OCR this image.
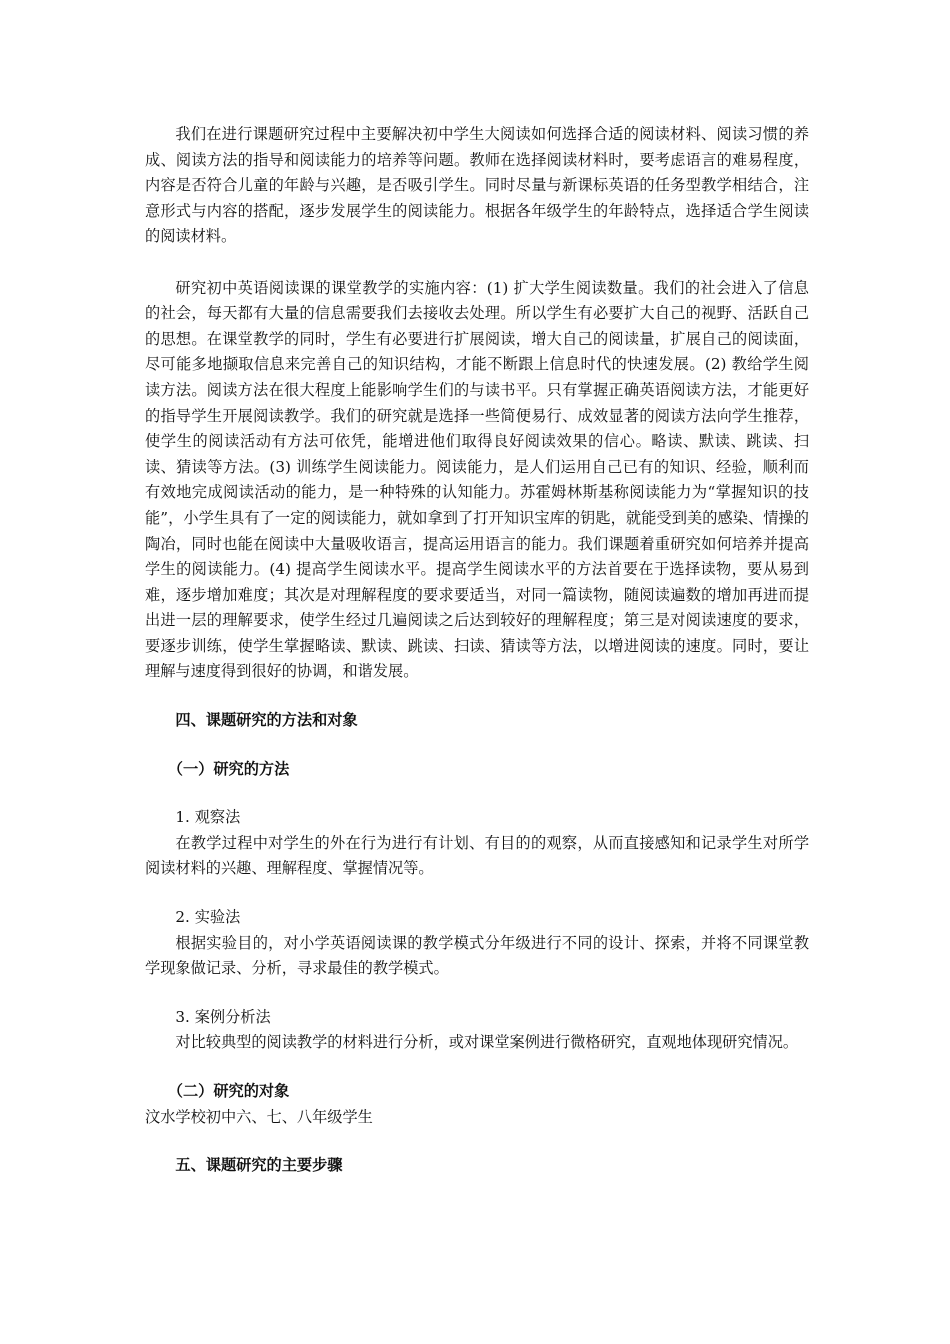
我们在进行课题研究过程中主要解决初中学生大阅读如何选择合适的阅读材料、阅读习惯的养成、阅读方法的指导和阅读能力的培养等问题。教师在选择阅读材料时，要考虑语言的难易程度，内容是否符合儿童的年龄与兴趣，是否吸引学生。同时尽量与新课标英语的任务型教学相结合，注意形式与内容的搭配，逐步发展学生的阅读能力。根据各年级学生的年龄特点，选择适合学生阅读的阅读材料。

研究初中英语阅读课的课堂教学的实施内容：(1) 扩大学生阅读数量。我们的社会进入了信息的社会，每天都有大量的信息需要我们去接收去处理。所以学生有必要扩大自己的视野、活跃自己的思想。在课堂教学的同时，学生有必要进行扩展阅读，增大自己的阅读量，扩展自己的阅读面，尽可能多地撷取信息来完善自己的知识结构，才能不断跟上信息时代的快速发展。(2) 教给学生阅读方法。阅读方法在很大程度上能影响学生们的与读书平。只有掌握正确英语阅读方法，才能更好的指导学生开展阅读教学。我们的研究就是选择一些简便易行、成效显著的阅读方法向学生推荐，使学生的阅读活动有方法可依凭，能增进他们取得良好阅读效果的信心。略读、默读、跳读、扫读、猜读等方法。(3) 训练学生阅读能力。阅读能力，是人们运用自己已有的知识、经验，顺利而有效地完成阅读活动的能力，是一种特殊的认知能力。苏霍姆林斯基称阅读能力为“掌握知识的技能”，小学生具有了一定的阅读能力，就如拿到了打开知识宝库的钥匙，就能受到美的感染、情操的陶冶，同时也能在阅读中大量吸收语言，提高运用语言的能力。我们课题着重研究如何培养并提高学生的阅读能力。(4) 提高学生阅读水平。提高学生阅读水平的方法首要在于选择读物，要从易到难，逐步增加难度；其次是对理解程度的要求要适当，对同一篇读物，随阅读遍数的增加再进而提出进一层的理解要求，使学生经过几遍阅读之后达到较好的理解程度；第三是对阅读速度的要求，要逐步训练，使学生掌握略读、默读、跳读、扫读、猜读等方法，以增进阅读的速度。同时，要让理解与速度得到很好的协调，和谐发展。

四、课题研究的方法和对象

（一）研究的方法

1. 观察法

在教学过程中对学生的外在行为进行有计划、有目的的观察，从而直接感知和记录学生对所学阅读材料的兴趣、理解程度、掌握情况等。

2. 实验法

根据实验目的，对小学英语阅读课的教学模式分年级进行不同的设计、探索，并将不同课堂教学现象做记录、分析，寻求最佳的教学模式。

3. 案例分析法

对比较典型的阅读教学的材料进行分析，或对课堂案例进行微格研究，直观地体现研究情况。

（二）研究的对象

汶水学校初中六、七、八年级学生

五、课题研究的主要步骤
